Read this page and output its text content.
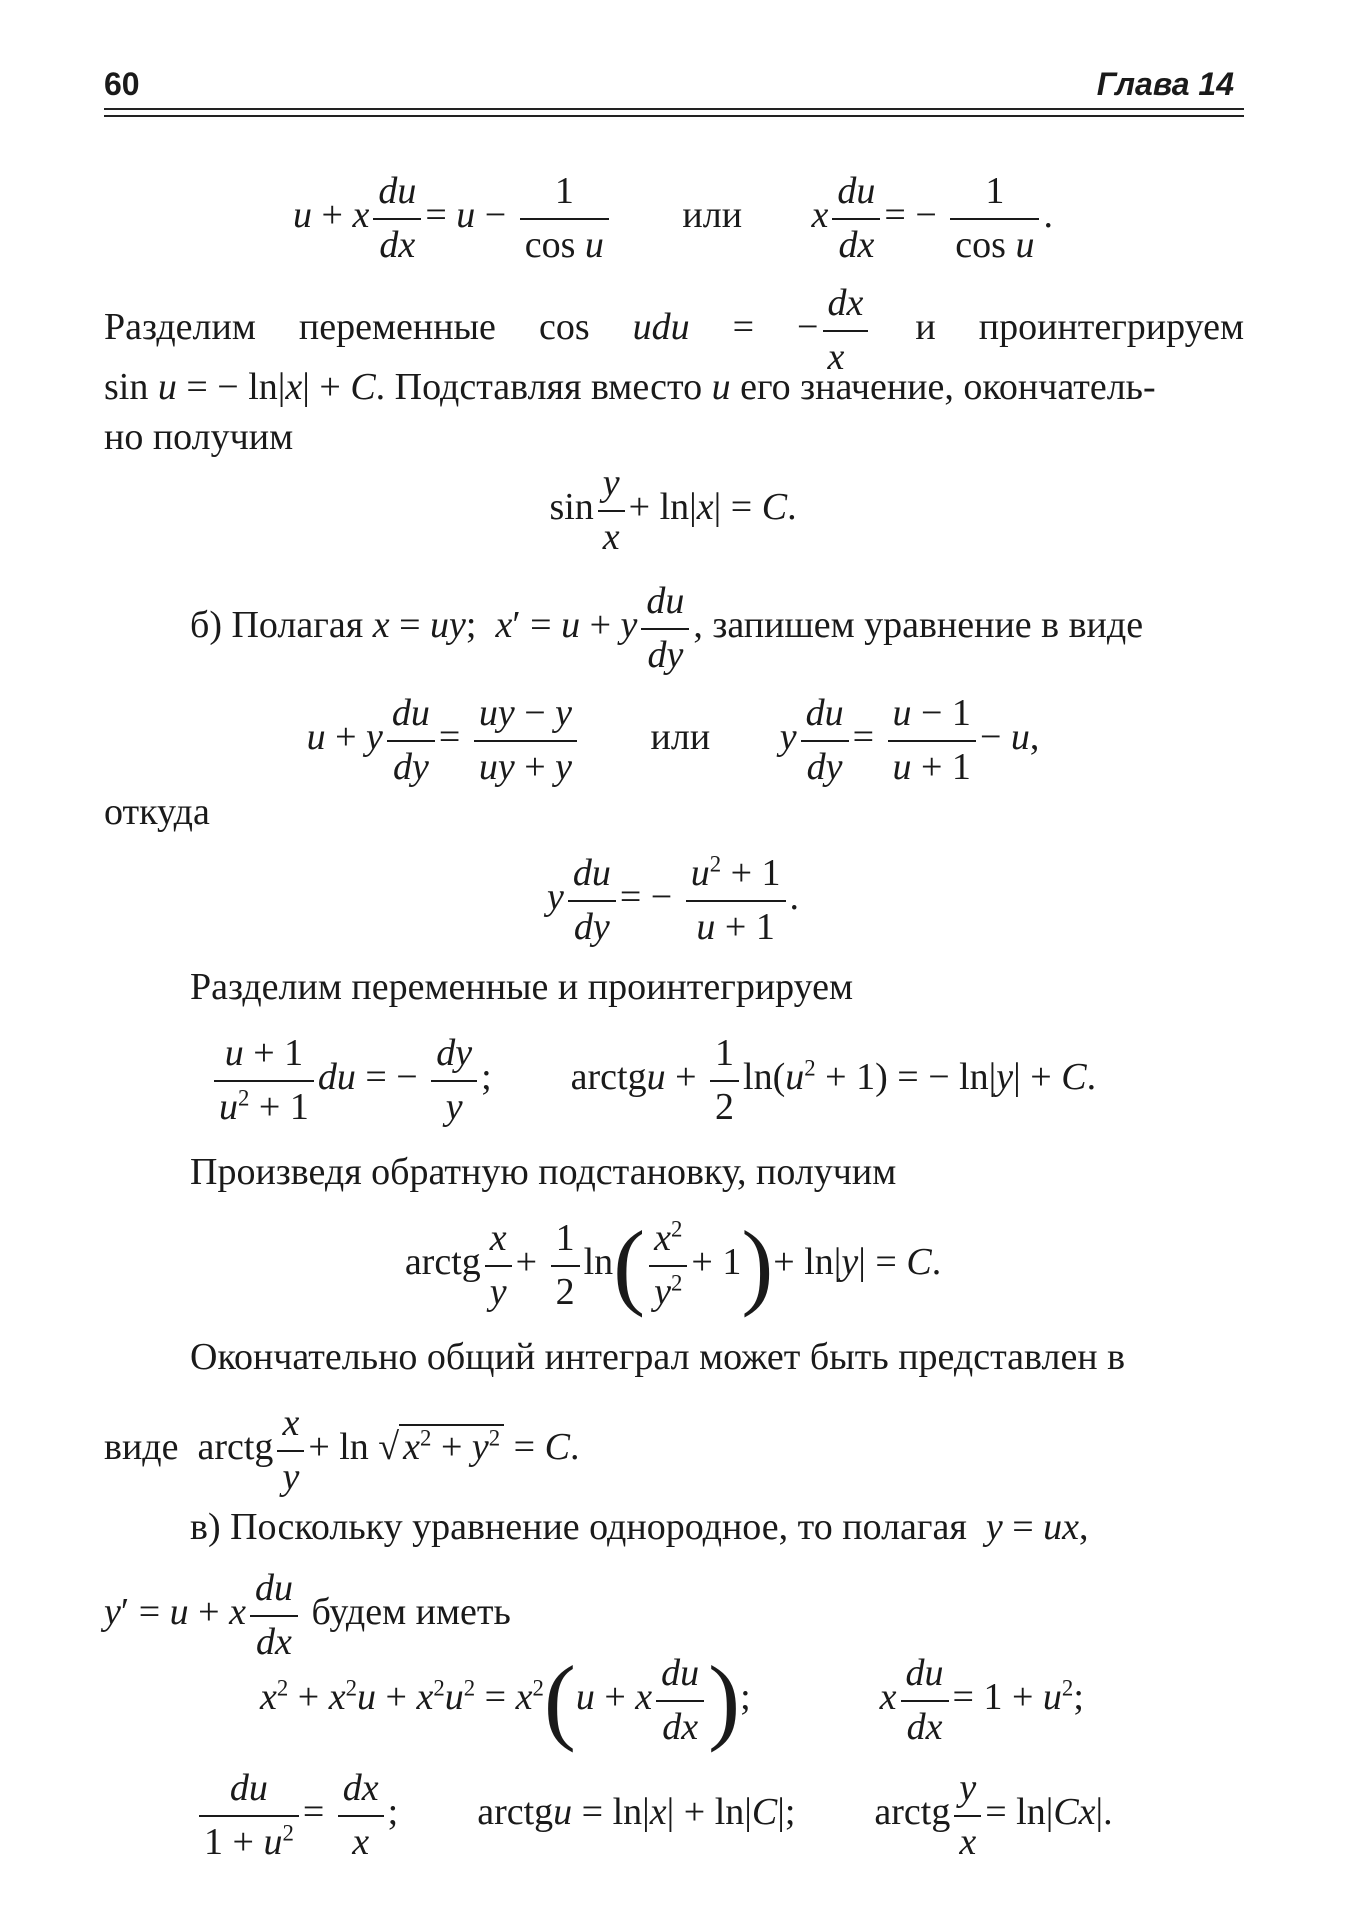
60	Глава 14
u + x $\frac{du}{dx} = u - \frac{1}{\text{cos u}}$ или x $\frac{du}{dx}$ = − $\frac{1}{\text{cos u}}$ .
Разделим переменные cos udu = − $\frac{dx}{x}$ и проинтегрируем
sin u = − ln|x| + C. Подставляя вместо u его значение, окончатель-
но получим
$\sin \frac{y}{x} + \ln|x| = C$.
б) Полагая x = uy;  x′ = u + y $\frac{du}{dy}$ , запишем уравнение в виде
u + y $\frac{du}{dy} = \frac{uy - y}{uy + y}$ или y $\frac{du}{dy} = \frac{u - 1}{u + 1} - u$,
откуда
y $\frac{du}{dy}$ = − $\frac{u^2 + 1}{u + 1}$ .
Разделим переменные и проинтегрируем
$\frac{u + 1}{u^2 + 1}$ du = − $\frac{dy}{y}$ ;  arctgu + $\frac{1}{2} \ln(u^2 + 1)$ = − ln|y| + C.
Произведя обратную подстановку, получим
arctg $\frac{x}{y} + \frac{1}{2} \ln( \frac{x^2}{y^2} + 1)+ \ln|y| = C$.
Окончательно общий интеграл может быть представлен в
виде  arctg $\frac{x}{y} + \ln$ √ $x^2 + y^2 = C$.
в) Поскольку уравнение однородное, то полагая y = ux,
y′ = u + x $\frac{du}{dx}$ будем иметь
$x^2 + x^2u + x^2u^2 = x^2(u + x \frac{du}{dx}$ );	x $\frac{du}{dx} = 1 + u^2$;
$\frac{du}{1 + u^2} = \frac{dx}{x}$ ;  arctgu = ln|x| + ln|C|;  arctg $\frac{y}{x} = \ln|Cx|$.
